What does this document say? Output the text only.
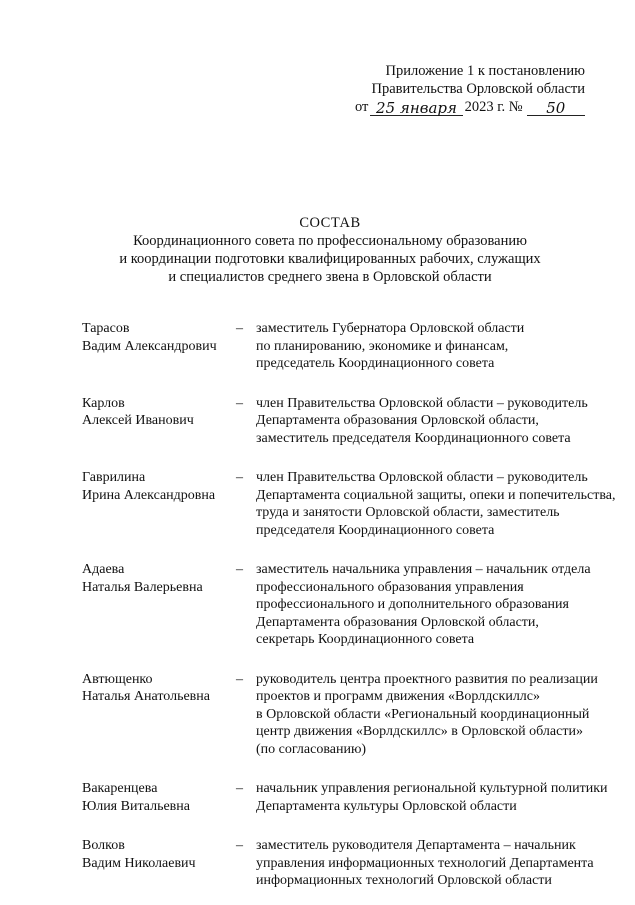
Приложение 1 к постановлению
Правительства Орловской области
от 25 января 2023 г. №	50
СОСТАВ
Координационного совета по профессиональному образованию
и координации подготовки квалифицированных рабочих, служащих
и специалистов среднего звена в Орловской области
Тарасов
Вадим Александрович
– заместитель Губернатора Орловской области
по планированию, экономике и финансам,
председатель Координационного совета
Карлов
Алексей Иванович
– член Правительства Орловской области – руководитель
Департамента образования Орловской области,
заместитель председателя Координационного совета
Гаврилина
Ирина Александровна
– член Правительства Орловской области – руководитель
Департамента социальной защиты, опеки и попечительства,
труда и занятости Орловской области, заместитель
председателя Координационного совета
Адаева
Наталья Валерьевна
– заместитель начальника управления – начальник отдела
профессионального образования управления
профессионального и дополнительного образования
Департамента образования Орловской области,
секретарь Координационного совета
Автющенко
Наталья Анатольевна
– руководитель центра проектного развития по реализации
проектов и программ движения «Ворлдскиллс»
в Орловской области «Региональный координационный
центр движения «Ворлдскиллс» в Орловской области»
(по согласованию)
Вакаренцева
Юлия Витальевна
– начальник управления региональной культурной политики
Департамента культуры Орловской области
Волков
Вадим Николаевич
– заместитель руководителя Департамента – начальник
управления информационных технологий Департамента
информационных технологий Орловской области
